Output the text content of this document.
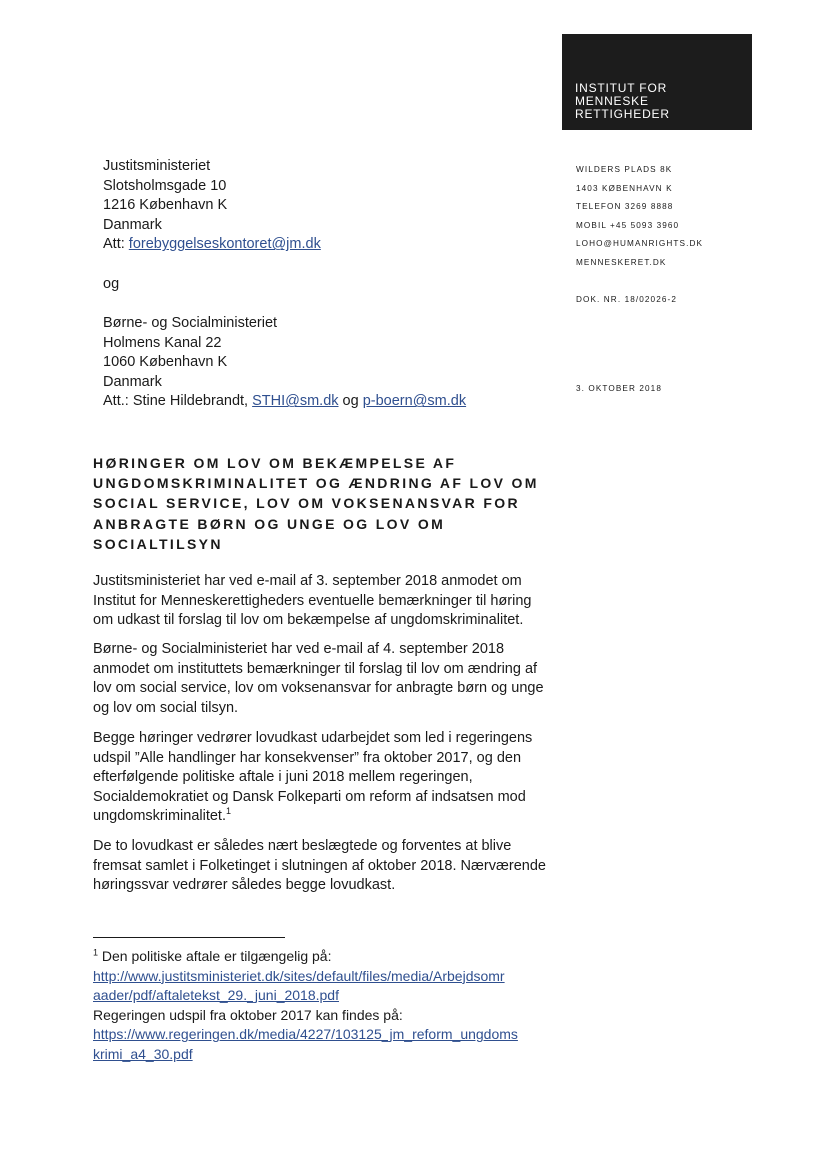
INSTITUT FOR
MENNESKE
RETTIGHEDER
Justitsministeriet
Slotsholmsgade 10
1216 København K
Danmark
Att: forebyggelseskontoret@jm.dk
og
Børne- og Socialministeriet
Holmens Kanal 22
1060 København K
Danmark
Att.: Stine Hildebrandt, STHI@sm.dk og p-boern@sm.dk
WILDERS PLADS 8K
1403 KØBENHAVN K
TELEFON 3269 8888
MOBIL +45 5093 3960
LOHO@HUMANRIGHTS.DK
MENNESKERET.DK
DOK. NR. 18/02026-2
3. OKTOBER 2018
HØRINGER OM LOV OM BEKÆMPELSE AF
UNGDOMSKRIMINALITET OG ÆNDRING AF LOV OM
SOCIAL SERVICE, LOV OM VOKSENANSVAR FOR
ANBRAGTE BØRN OG UNGE OG LOV OM
SOCIALTILSYN

Justitsministeriet har ved e-mail af 3. september 2018 anmodet om
Institut for Menneskerettigheders eventuelle bemærkninger til høring
om udkast til forslag til lov om bekæmpelse af ungdomskriminalitet.

Børne- og Socialministeriet har ved e-mail af 4. september 2018
anmodet om instituttets bemærkninger til forslag til lov om ændring af
lov om social service, lov om voksenansvar for anbragte børn og unge
og lov om social tilsyn.

Begge høringer vedrører lovudkast udarbejdet som led i regeringens
udspil ”Alle handlinger har konsekvenser” fra oktober 2017, og den
efterfølgende politiske aftale i juni 2018 mellem regeringen,
Socialdemokratiet og Dansk Folkeparti om reform af indsatsen mod
ungdomskriminalitet.$^1$

De to lovudkast er således nært beslægtede og forventes at blive
fremsat samlet i Folketinget i slutningen af oktober 2018. Nærværende
høringssvar vedrører således begge lovudkast.

$^1$ Den politiske aftale er tilgængelig på:
http://www.justitsministeriet.dk/sites/default/files/media/Arbejdsomr
aader/pdf/aftaletekst_29._juni_2018.pdf
Regeringen udspil fra oktober 2017 kan findes på:
https://www.regeringen.dk/media/4227/103125_jm_reform_ungdoms
krimi_a4_30.pdf
